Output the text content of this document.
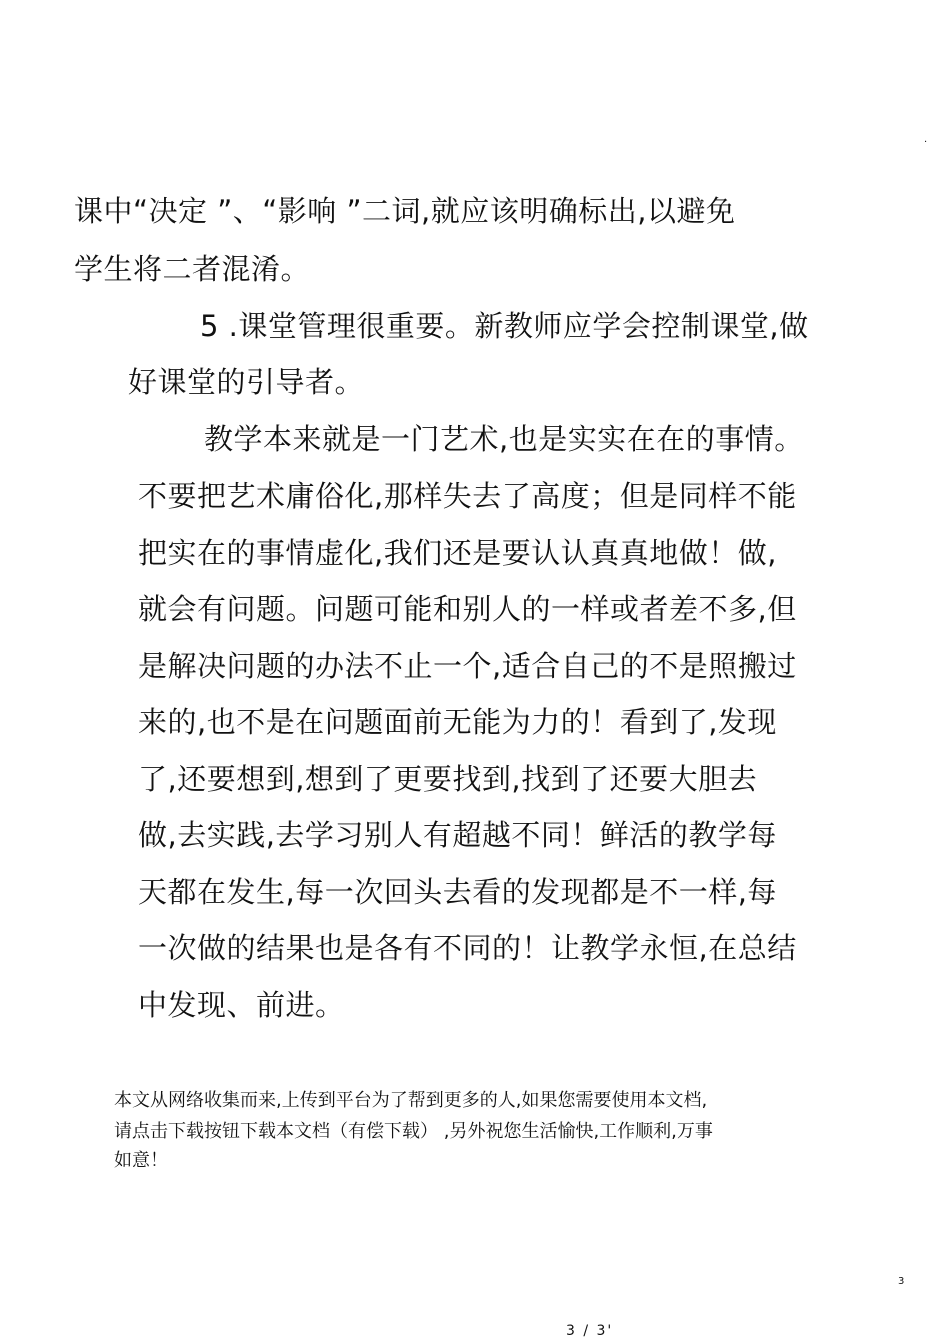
.
课中“决定 ”、“影响 ”二词,就应该明确标出,以避免
学生将二者混淆。
5 .课堂管理很重要。新教师应学会控制课堂,做
好课堂的引导者。
教学本来就是一门艺术,也是实实在在的事情。
不要把艺术庸俗化,那样失去了高度；但是同样不能
把实在的事情虚化,我们还是要认认真真地做！做,
就会有问题。问题可能和别人的一样或者差不多,但
是解决问题的办法不止一个,适合自己的不是照搬过
来的,也不是在问题面前无能为力的！看到了,发现
了,还要想到,想到了更要找到,找到了还要大胆去
做,去实践,去学习别人有超越不同！鲜活的教学每
天都在发生,每一次回头去看的发现都是不一样,每
一次做的结果也是各有不同的！让教学永恒,在总结
中发现、前进。
本文从网络收集而来,上传到平台为了帮到更多的人,如果您需要使用本文档,
请点击下载按钮下载本文档（有偿下载） ,另外祝您生活愉快,工作顺利,万事
如意！
3
3 / 3'
